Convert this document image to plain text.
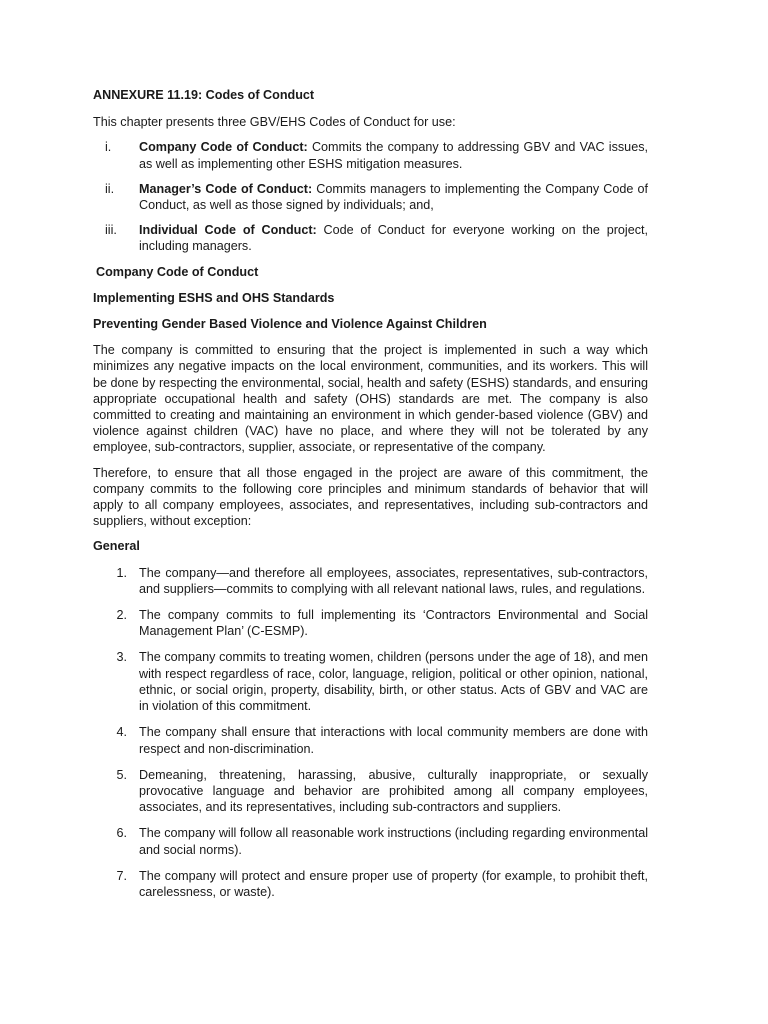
ANNEXURE 11.19: Codes of Conduct

This chapter presents three GBV/EHS Codes of Conduct for use:

i.	Company Code of Conduct: Commits the company to addressing GBV and VAC issues, as well as implementing other ESHS mitigation measures.
ii.	Manager’s Code of Conduct: Commits managers to implementing the Company Code of Conduct, as well as those signed by individuals; and,
iii.	Individual Code of Conduct: Code of Conduct for everyone working on the project, including managers.

Company Code of Conduct

Implementing ESHS and OHS Standards

Preventing Gender Based Violence and Violence Against Children

The company is committed to ensuring that the project is implemented in such a way which minimizes any negative impacts on the local environment, communities, and its workers. This will be done by respecting the environmental, social, health and safety (ESHS) standards, and ensuring appropriate occupational health and safety (OHS) standards are met. The company is also committed to creating and maintaining an environment in which gender-based violence (GBV) and violence against children (VAC) have no place, and where they will not be tolerated by any employee, sub-contractors, supplier, associate, or representative of the company.

Therefore, to ensure that all those engaged in the project are aware of this commitment, the company commits to the following core principles and minimum standards of behavior that will apply to all company employees, associates, and representatives, including sub-contractors and suppliers, without exception:

General

1. The company—and therefore all employees, associates, representatives, sub-contractors, and suppliers—commits to complying with all relevant national laws, rules, and regulations.
2. The company commits to full implementing its ‘Contractors Environmental and Social Management Plan’ (C-ESMP).
3. The company commits to treating women, children (persons under the age of 18), and men with respect regardless of race, color, language, religion, political or other opinion, national, ethnic, or social origin, property, disability, birth, or other status. Acts of GBV and VAC are in violation of this commitment.
4. The company shall ensure that interactions with local community members are done with respect and non-discrimination.
5. Demeaning, threatening, harassing, abusive, culturally inappropriate, or sexually provocative language and behavior are prohibited among all company employees, associates, and its representatives, including sub-contractors and suppliers.
6. The company will follow all reasonable work instructions (including regarding environmental and social norms).
7. The company will protect and ensure proper use of property (for example, to prohibit theft, carelessness, or waste).
